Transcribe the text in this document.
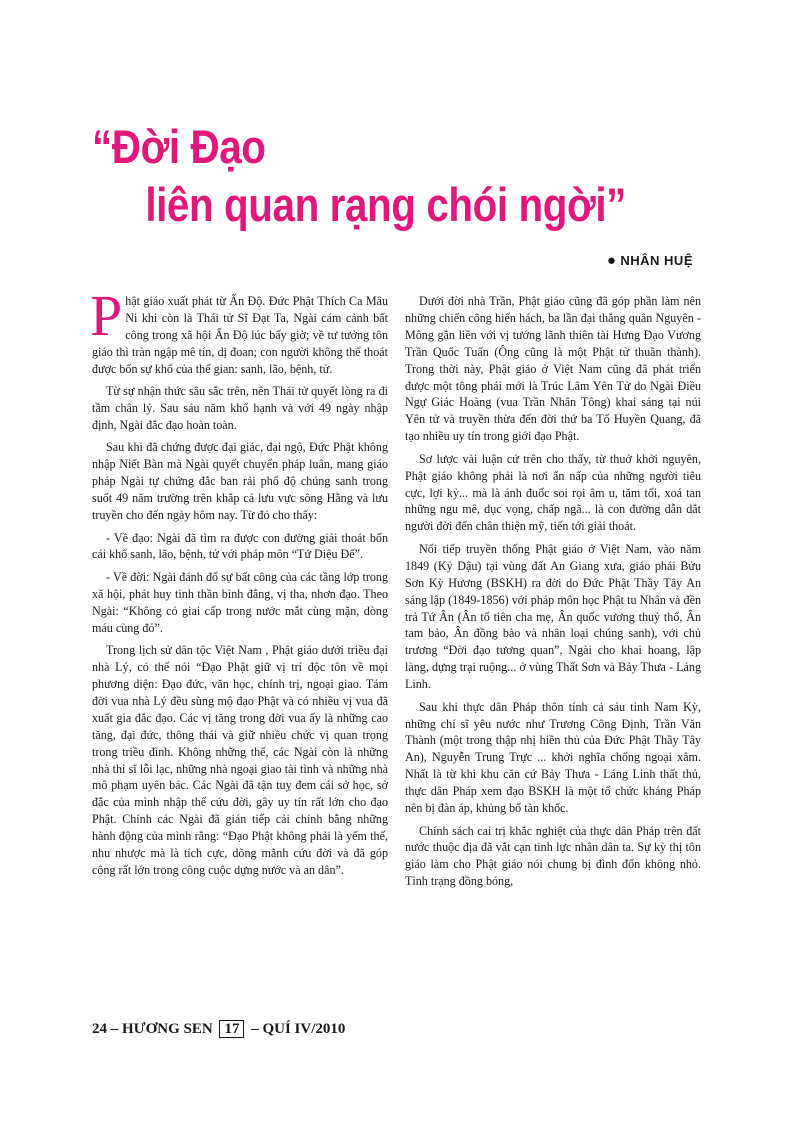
“Đời Đạo
liên quan rạng chói ngời”
● NHÂN HUỆ

Phật giáo xuất phát từ Ấn Độ. Đức Phật Thích Ca Mâu Ni khi còn là Thái tử Sĩ Đạt Ta, Ngài cám cảnh bất công trong xã hội Ấn Độ lúc bấy giờ; về tư tưởng tôn giáo thì tràn ngập mê tín, dị đoan; con người không thể thoát được bốn sự khổ của thế gian: sanh, lão, bệnh, tử.

Từ sự nhận thức sâu sắc trên, nên Thái tử quyết lòng ra đi tầm chân lý. Sau sáu năm khổ hạnh và với 49 ngày nhập định, Ngài đắc đạo hoàn toàn.

Sau khi đã chứng được đại giác, đại ngộ, Đức Phật không nhập Niết Bàn mà Ngài quyết chuyển pháp luân, mang giáo pháp Ngài tự chứng đắc ban rải phổ độ chúng sanh trong suốt 49 năm trường trên khắp cả lưu vực sông Hằng và lưu truyền cho đến ngày hôm nay. Từ đó cho thấy:

- Về đạo: Ngài đã tìm ra được con đường giải thoát bốn cái khổ sanh, lão, bệnh, tử với pháp môn “Tứ Diệu Đế”.

- Về đời: Ngài đánh đổ sự bất công của các tầng lớp trong xã hội, phát huy tinh thần bình đẳng, vị tha, nhơn đạo. Theo Ngài: “Không có giai cấp trong nước mắt cùng mặn, dòng máu cùng đỏ”.

Trong lịch sử dân tộc Việt Nam , Phật giáo dưới triều đại nhà Lý, có thể nói “Đạo Phật giữ vị trí độc tôn về mọi phương diện: Đạo đức, văn học, chính trị, ngoại giao. Tám đời vua nhà Lý đều sùng mộ đạo Phật và có nhiều vị vua đã xuất gia đắc đạo. Các vị tăng trong đời vua ấy là những cao tăng, đại đức, thông thái và giữ nhiều chức vị quan trọng trong triều đình. Không những thế, các Ngài còn là những nhà thi sĩ lỗi lạc, những nhà ngoại giao tài tình và những nhà mô phạm uyên bác. Các Ngài đã tận tuỵ đem cái sở học, sở đắc của mình nhập thế cứu đời, gây uy tín rất lớn cho đạo Phật. Chính các Ngài đã gián tiếp cải chính bằng những hành động của mình rằng: “Đạo Phật không phải là yếm thế, nhu nhược mà là tích cực, dõng mãnh cứu đời và đã góp công rất lớn trong công cuộc dựng nước và an dân”.

Dưới đời nhà Trần, Phật giáo cũng đã góp phần làm nên những chiến công hiển hách, ba lần đại thắng quân Nguyên - Mông gắn liền với vị tướng lãnh thiên tài Hưng Đạo Vương Trần Quốc Tuấn (Ông cũng là một Phật tử thuần thành). Trong thời này, Phật giáo ở Việt Nam cũng đã phát triển được một tông phái mới là Trúc Lâm Yên Tử do Ngài Điều Ngự Giác Hoàng (vua Trần Nhân Tông) khai sáng tại núi Yên tử và truyền thừa đến đời thứ ba Tổ Huyền Quang, đã tạo nhiều uy tín trong giới đạo Phật.

Sơ lược vài luận cứ trên cho thấy, từ thuở khởi nguyên, Phật giáo không phải là nơi ẩn nấp của những người tiêu cực, lợi kỷ... mà là ánh đuốc soi rọi âm u, tăm tối, xoá tan những ngu mê, dục vọng, chấp ngã... là con đường dẫn dắt người đời đến chân thiện mỹ, tiến tới giải thoát.

Nối tiếp truyền thống Phật giáo ở Việt Nam, vào năm 1849 (Kỷ Dậu) tại vùng đất An Giang xưa, giáo phái Bửu Sơn Kỳ Hương (BSKH) ra đời do Đức Phật Thầy Tây An sáng lập (1849-1856) với pháp môn học Phật tu Nhân và đền trả Tứ Ân (Ân tổ tiên cha mẹ, Ân quốc vương thuỷ thổ, Ân tam bảo, Ân đồng bào và nhân loại chúng sanh), với chủ trương “Đời đạo tương quan”, Ngài cho khai hoang, lập làng, dựng trại ruộng... ở vùng Thất Sơn và Bảy Thưa - Láng Linh.

Sau khi thực dân Pháp thôn tính cả sáu tỉnh Nam Kỳ, những chí sĩ yêu nước như Trương Công Định, Trần Văn Thành (một trong thập nhị hiền thủ của Đức Phật Thầy Tây An), Nguyễn Trung Trực ... khởi nghĩa chống ngoại xâm. Nhất là từ khi khu căn cứ Bảy Thưa - Láng Linh thất thủ, thực dân Pháp xem đạo BSKH là một tổ chức kháng Pháp nên bị đàn áp, khủng bố tàn khốc.

Chính sách cai trị khắc nghiệt của thực dân Pháp trên đất nước thuộc địa đã vắt cạn tinh lực nhân dân ta. Sự kỳ thị tôn giáo làm cho Phật giáo nói chung bị đình đốn không nhỏ. Tình trạng đồng bóng,

24 – HƯƠNG SEN 17 – QUÍ IV/2010
